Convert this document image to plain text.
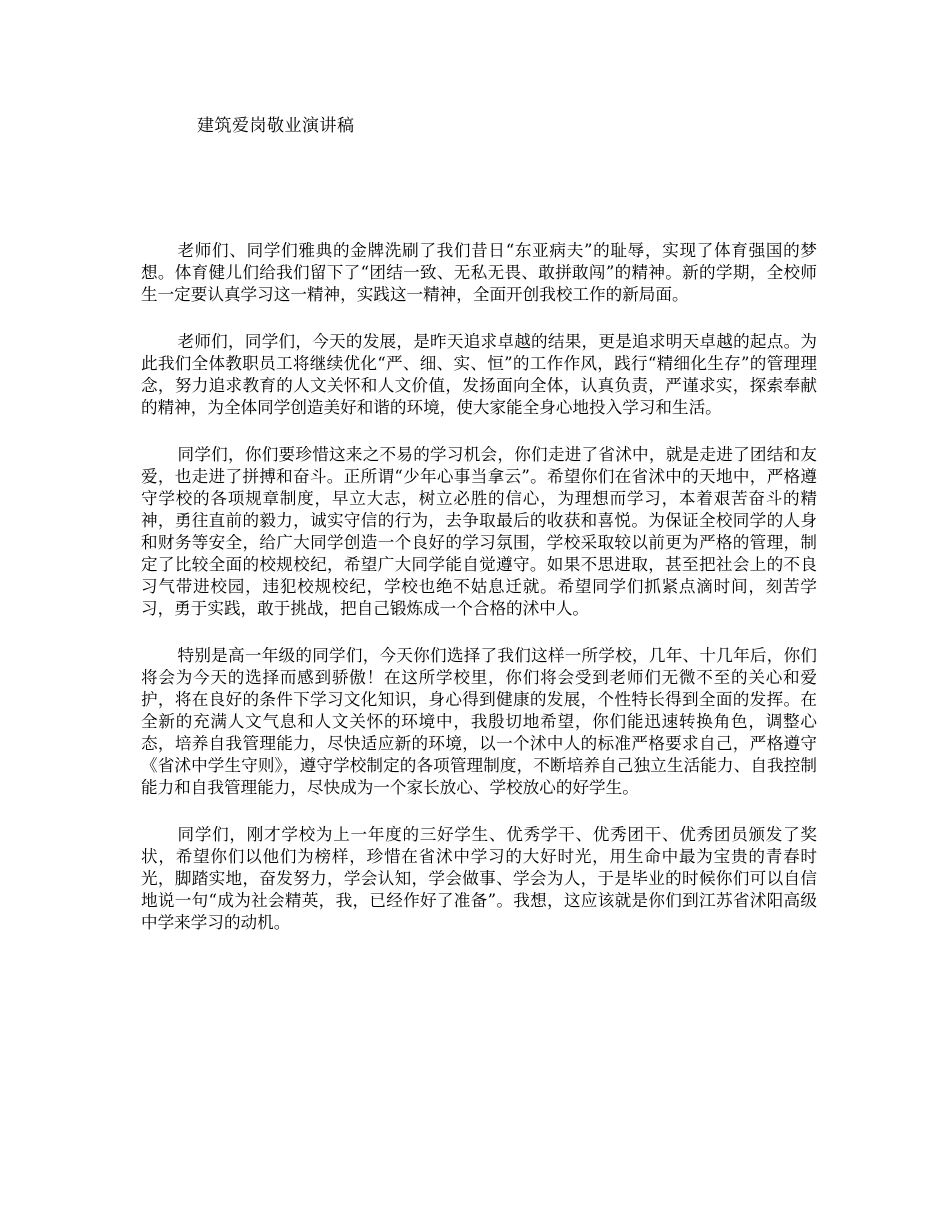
建筑爱岗敬业演讲稿

老师们、同学们雅典的金牌洗刷了我们昔日“东亚病夫”的耻辱，实现了体育强国的梦想。体育健儿们给我们留下了“团结一致、无私无畏、敢拼敢闯”的精神。新的学期，全校师生一定要认真学习这一精神，实践这一精神，全面开创我校工作的新局面。

老师们，同学们，今天的发展，是昨天追求卓越的结果，更是追求明天卓越的起点。为此我们全体教职员工将继续优化“严、细、实、恒”的工作作风，践行“精细化生存”的管理理念，努力追求教育的人文关怀和人文价值，发扬面向全体，认真负责，严谨求实，探索奉献的精神，为全体同学创造美好和谐的环境，使大家能全身心地投入学习和生活。

同学们，你们要珍惜这来之不易的学习机会，你们走进了省沭中，就是走进了团结和友爱，也走进了拼搏和奋斗。正所谓“少年心事当拿云”。希望你们在省沭中的天地中，严格遵守学校的各项规章制度，早立大志，树立必胜的信心，为理想而学习，本着艰苦奋斗的精神，勇往直前的毅力，诚实守信的行为，去争取最后的收获和喜悦。为保证全校同学的人身和财务等安全，给广大同学创造一个良好的学习氛围，学校采取较以前更为严格的管理，制定了比较全面的校规校纪，希望广大同学能自觉遵守。如果不思进取，甚至把社会上的不良习气带进校园，违犯校规校纪，学校也绝不姑息迁就。希望同学们抓紧点滴时间，刻苦学习，勇于实践，敢于挑战，把自己锻炼成一个合格的沭中人。

特别是高一年级的同学们，今天你们选择了我们这样一所学校，几年、十几年后，你们将会为今天的选择而感到骄傲！在这所学校里，你们将会受到老师们无微不至的关心和爱护，将在良好的条件下学习文化知识，身心得到健康的发展，个性特长得到全面的发挥。在全新的充满人文气息和人文关怀的环境中，我殷切地希望，你们能迅速转换角色，调整心态，培养自我管理能力，尽快适应新的环境，以一个沭中人的标准严格要求自己，严格遵守《省沭中学生守则》，遵守学校制定的各项管理制度，不断培养自己独立生活能力、自我控制能力和自我管理能力，尽快成为一个家长放心、学校放心的好学生。

同学们，刚才学校为上一年度的三好学生、优秀学干、优秀团干、优秀团员颁发了奖状，希望你们以他们为榜样，珍惜在省沭中学习的大好时光，用生命中最为宝贵的青春时光，脚踏实地，奋发努力，学会认知，学会做事、学会为人，于是毕业的时候你们可以自信地说一句“成为社会精英，我，已经作好了准备”。我想，这应该就是你们到江苏省沭阳高级中学来学习的动机。
